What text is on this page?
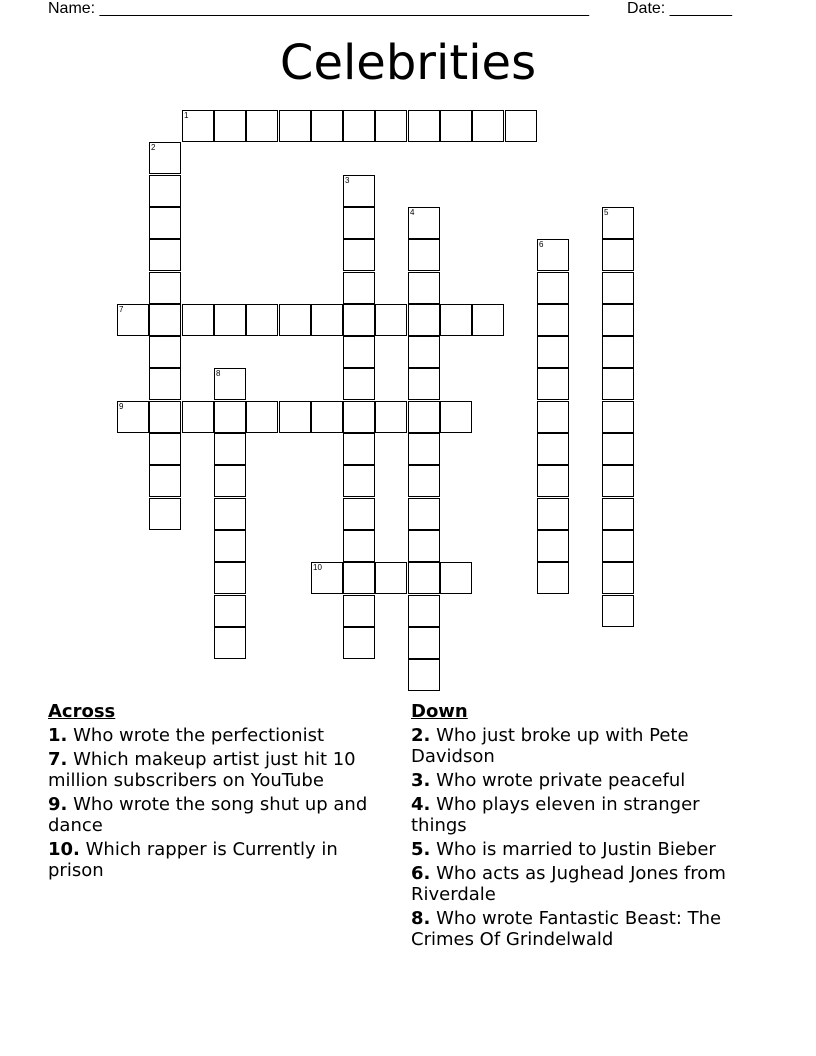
Name: _______________________________________________________ Date: _______
Celebrities
1
2
3
4	5
6
7
8
9
10
Across
1. Who wrote the perfectionist
7. Which makeup artist just hit 10 million subscribers on YouTube
9. Who wrote the song shut up and dance
10. Which rapper is Currently in prison
Down
2. Who just broke up with Pete Davidson
3. Who wrote private peaceful
4. Who plays eleven in stranger things
5. Who is married to Justin Bieber
6. Who acts as Jughead Jones from Riverdale
8. Who wrote Fantastic Beast: The Crimes Of Grindelwald
